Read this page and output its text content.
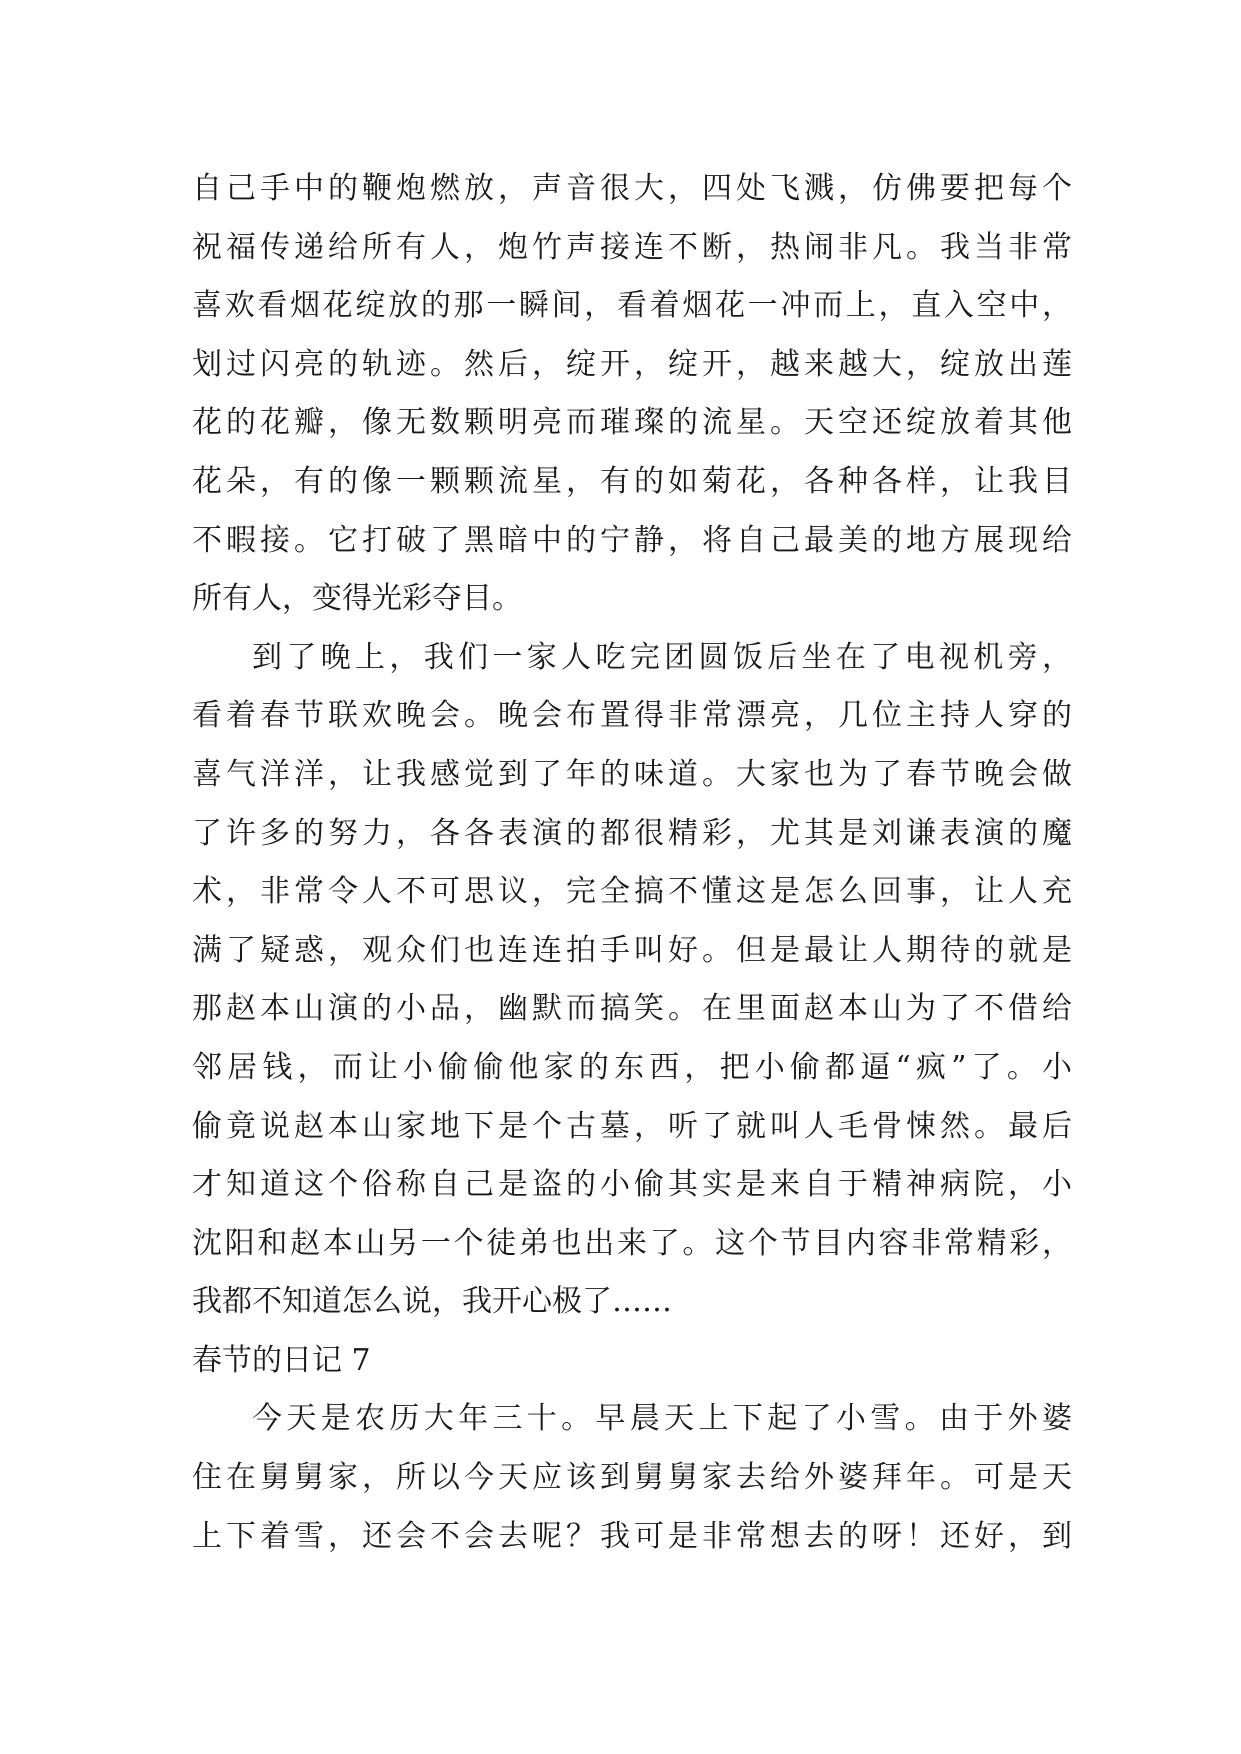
自己手中的鞭炮燃放，声音很大，四处飞溅，仿佛要把每个
祝福传递给所有人，炮竹声接连不断，热闹非凡。我当非常
喜欢看烟花绽放的那一瞬间，看着烟花一冲而上，直入空中，
划过闪亮的轨迹。然后，绽开，绽开，越来越大，绽放出莲
花的花瓣，像无数颗明亮而璀璨的流星。天空还绽放着其他
花朵，有的像一颗颗流星，有的如菊花，各种各样，让我目
不暇接。它打破了黑暗中的宁静，将自己最美的地方展现给
所有人，变得光彩夺目。
到了晚上，我们一家人吃完团圆饭后坐在了电视机旁，
看着春节联欢晚会。晚会布置得非常漂亮，几位主持人穿的
喜气洋洋，让我感觉到了年的味道。大家也为了春节晚会做
了许多的努力，各各表演的都很精彩，尤其是刘谦表演的魔
术，非常令人不可思议，完全搞不懂这是怎么回事，让人充
满了疑惑，观众们也连连拍手叫好。但是最让人期待的就是
那赵本山演的小品，幽默而搞笑。在里面赵本山为了不借给
邻居钱，而让小偷偷他家的东西，把小偷都逼“疯”了。小
偷竟说赵本山家地下是个古墓，听了就叫人毛骨悚然。最后
才知道这个俗称自己是盗的小偷其实是来自于精神病院，小
沈阳和赵本山另一个徒弟也出来了。这个节目内容非常精彩，
我都不知道怎么说，我开心极了……
春节的日记 7
今天是农历大年三十。早晨天上下起了小雪。由于外婆
住在舅舅家，所以今天应该到舅舅家去给外婆拜年。可是天
上下着雪，还会不会去呢？我可是非常想去的呀！还好，到
